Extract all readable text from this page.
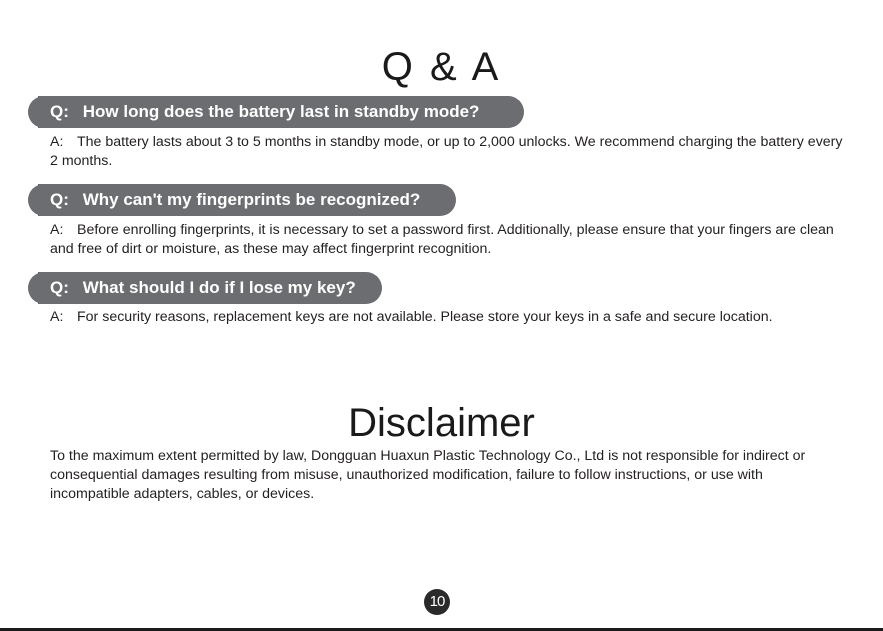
Q & A
Q: How long does the battery last in standby mode?

A: The battery lasts about 3 to 5 months in standby mode, or up to 2,000 unlocks. We recommend charging the battery every 2 months.

Q: Why can't my fingerprints be recognized?

A: Before enrolling fingerprints, it is necessary to set a password first. Additionally, please ensure that your fingers are clean and free of dirt or moisture, as these may affect fingerprint recognition.

Q: What should I do if I lose my key?

A: For security reasons, replacement keys are not available. Please store your keys in a safe and secure location.

Disclaimer

To the maximum extent permitted by law, Dongguan Huaxun Plastic Technology Co., Ltd is not responsible for indirect or consequential damages resulting from misuse, unauthorized modification, failure to follow instructions, or use with incompatible adapters, cables, or devices.

10
